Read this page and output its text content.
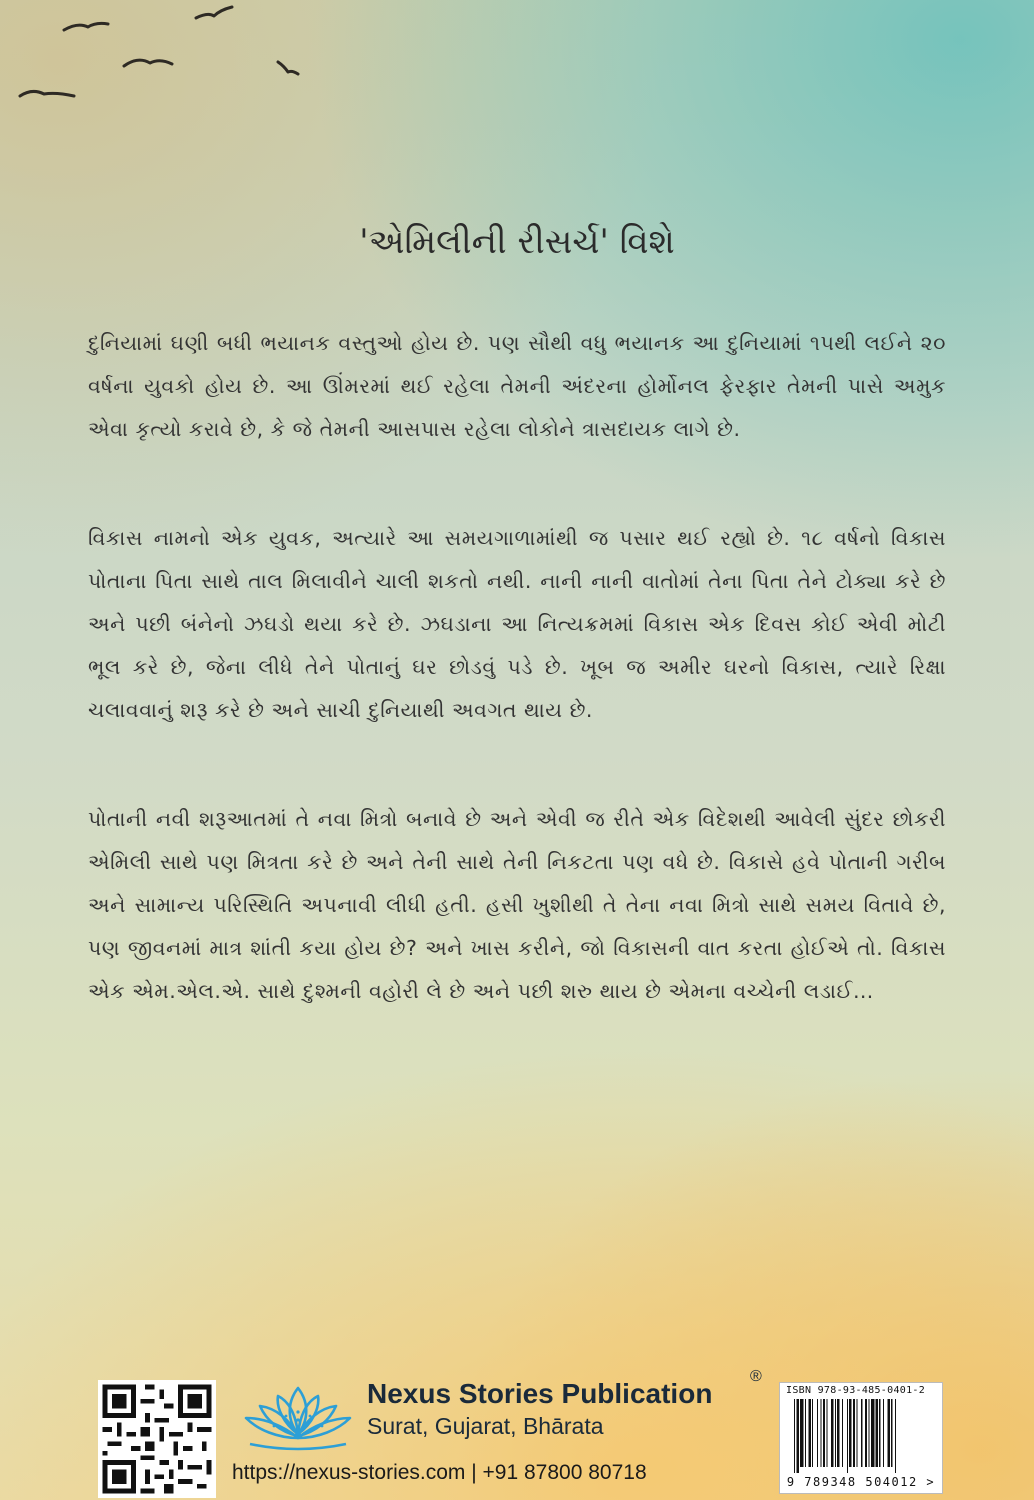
'એમિલીની રીસર્ચ' વિશે

દુનિયામાં ઘણી બધી ભયાનક વસ્તુઓ હોય છે. પણ સૌથી વધુ ભયાનક આ દુનિયામાં ૧૫થી લઈને ૨૦ વર્ષના યુવકો હોય છે. આ ઊંમરમાં થઈ રહેલા તેમની અંદરના હોર્મોનલ ફેરફાર તેમની પાસે અમુક એવા કૃત્યો કરાવે છે, કે જે તેમની આસપાસ રહેલા લોકોને ત્રાસદાયક લાગે છે.

વિકાસ નામનો એક યુવક, અત્યારે આ સમયગાળામાંથી જ પસાર થઈ રહ્યો છે. ૧૮ વર્ષનો વિકાસ પોતાના પિતા સાથે તાલ મિલાવીને ચાલી શકતો નથી. નાની નાની વાતોમાં તેના પિતા તેને ટોક્યા કરે છે અને પછી બંનેનો ઝઘડો થયા કરે છે. ઝઘડાના આ નિત્યક્રમમાં વિકાસ એક દિવસ કોઈ એવી મોટી ભૂલ કરે છે, જેના લીધે તેને પોતાનું ઘર છોડવું પડે છે. ખૂબ જ અમીર ઘરનો વિકાસ, ત્યારે રિક્ષા ચલાવવાનું શરૂ કરે છે અને સાચી દુનિયાથી અવગત થાય છે.

પોતાની નવી શરૂઆતમાં તે નવા મિત્રો બનાવે છે અને એવી જ રીતે એક વિદેશથી આવેલી સુંદર છોકરી એમિલી સાથે પણ મિત્રતા કરે છે અને તેની સાથે તેની નિકટતા પણ વધે છે. વિકાસે હવે પોતાની ગરીબ અને સામાન્ય પરિસ્થિતિ અપનાવી લીધી હતી. હસી ખુશીથી તે તેના નવા મિત્રો સાથે સમય વિતાવે છે, પણ જીવનમાં માત્ર શાંતી કયા હોય છે? અને ખાસ કરીને, જો વિકાસની વાત કરતા હોઈએ તો. વિકાસ એક એમ.એલ.એ. સાથે દુશ્મની વહોરી લે છે અને પછી શરુ થાય છે એમના વચ્ચેની લડાઈ…

Nexus Stories Publication
®
Surat, Gujarat, Bhārata
https://nexus-stories.com | +91 87800 80718
ISBN 978-93-485-0401-2
9 789348 504012 >
